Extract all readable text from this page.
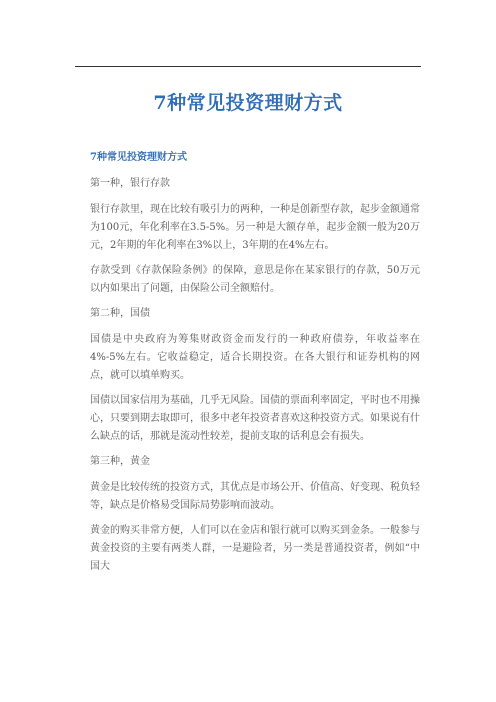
7种常见投资理财方式
7种常见投资理财方式
第一种，银行存款
银行存款里，现在比较有吸引力的两种，一种是创新型存款，起步金额通常为100元，年化利率在3.5-5%。另一种是大额存单，起步金额一般为20万元，2年期的年化利率在3%以上，3年期的在4%左右。
存款受到《存款保险条例》的保障，意思是你在某家银行的存款，50万元以内如果出了问题，由保险公司全额赔付。
第二种，国债
国债是中央政府为筹集财政资金而发行的一种政府债券，年收益率在4%-5%左右。它收益稳定，适合长期投资。在各大银行和证券机构的网点，就可以填单购买。
国债以国家信用为基础，几乎无风险。国债的票面利率固定，平时也不用操心，只要到期去取即可，很多中老年投资者喜欢这种投资方式。如果说有什么缺点的话，那就是流动性较差，提前支取的话利息会有损失。
第三种，黄金
黄金是比较传统的投资方式，其优点是市场公开、价值高、好变现、税负轻等，缺点是价格易受国际局势影响而波动。
黄金的购买非常方便，人们可以在金店和银行就可以购买到金条。一般参与黄金投资的主要有两类人群，一是避险者，另一类是普通投资者，例如“中国大
